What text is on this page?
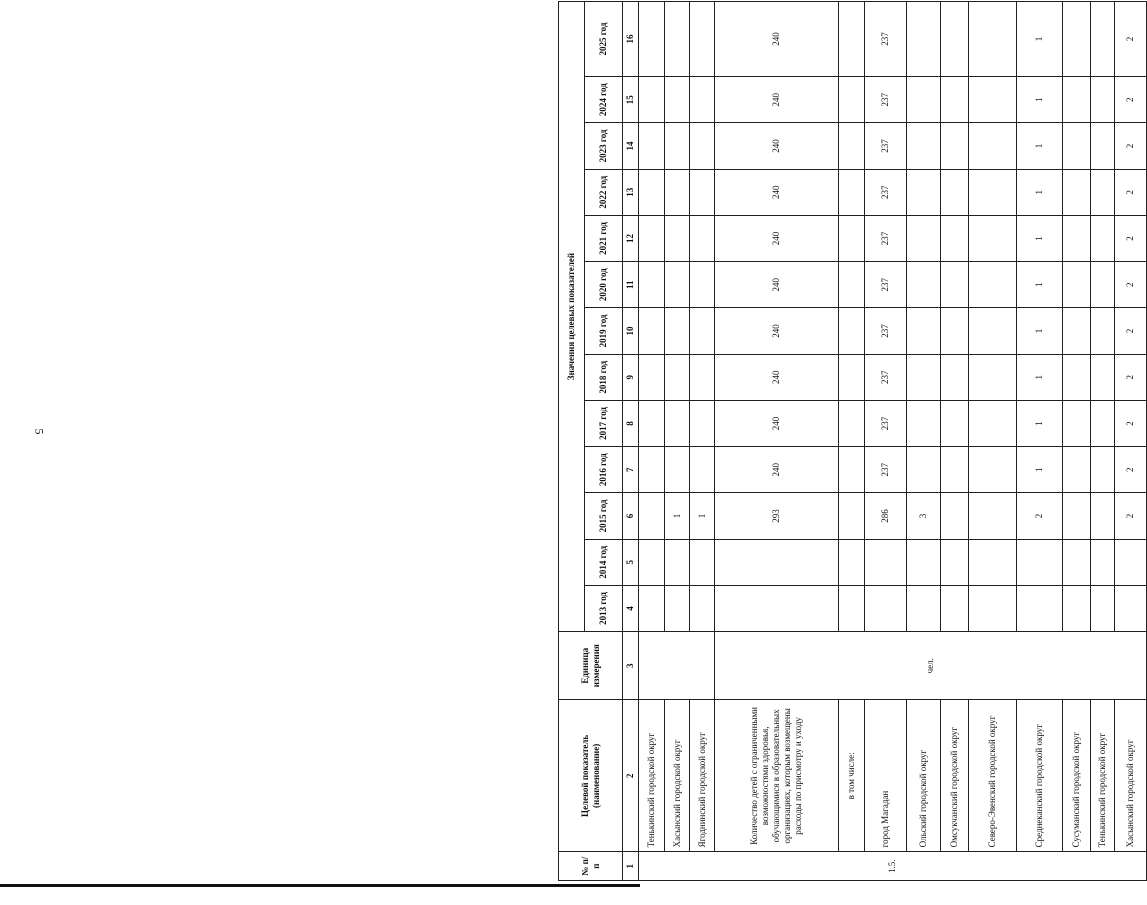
5
№ п/п	Целевой показатель (наименование)	Единица измерения	Значения целевых показателей												
			2013 год	2014 год	2015 год	2016 год	2017 год	2018 год	2019 год	2020 год	2021 год	2022 год	2023 год	2024 год	2025 год
1	2	3	4	5	6	7	8	9	10	11	12	13	14	15	16
1.5.	Тенькинский городской округ														
	Хасынский городской округ				1										
	Ягоднинский городской округ				1										
	Количество детей с ограниченными возможностями здоровья, обучающимися в образовательных организациях, которым возмещены расходы по присмотру и уходу	чел.			293	240	240	240	240	240	240	240	240	240	240
	в том числе:														
	город Магадан				286	237	237	237	237	237	237	237	237	237	237
	Ольский городской округ				3										
	Омсукчанский городской округ														
	Северо-Эвенский городской округ														
	Среднеканский городской округ				2	1	1	1	1	1	1	1	1	1	1
	Сусуманский городской округ														
	Тенькинский городской округ														
	Хасынский городской округ				2	2	2	2	2	2	2	2	2	2	2
